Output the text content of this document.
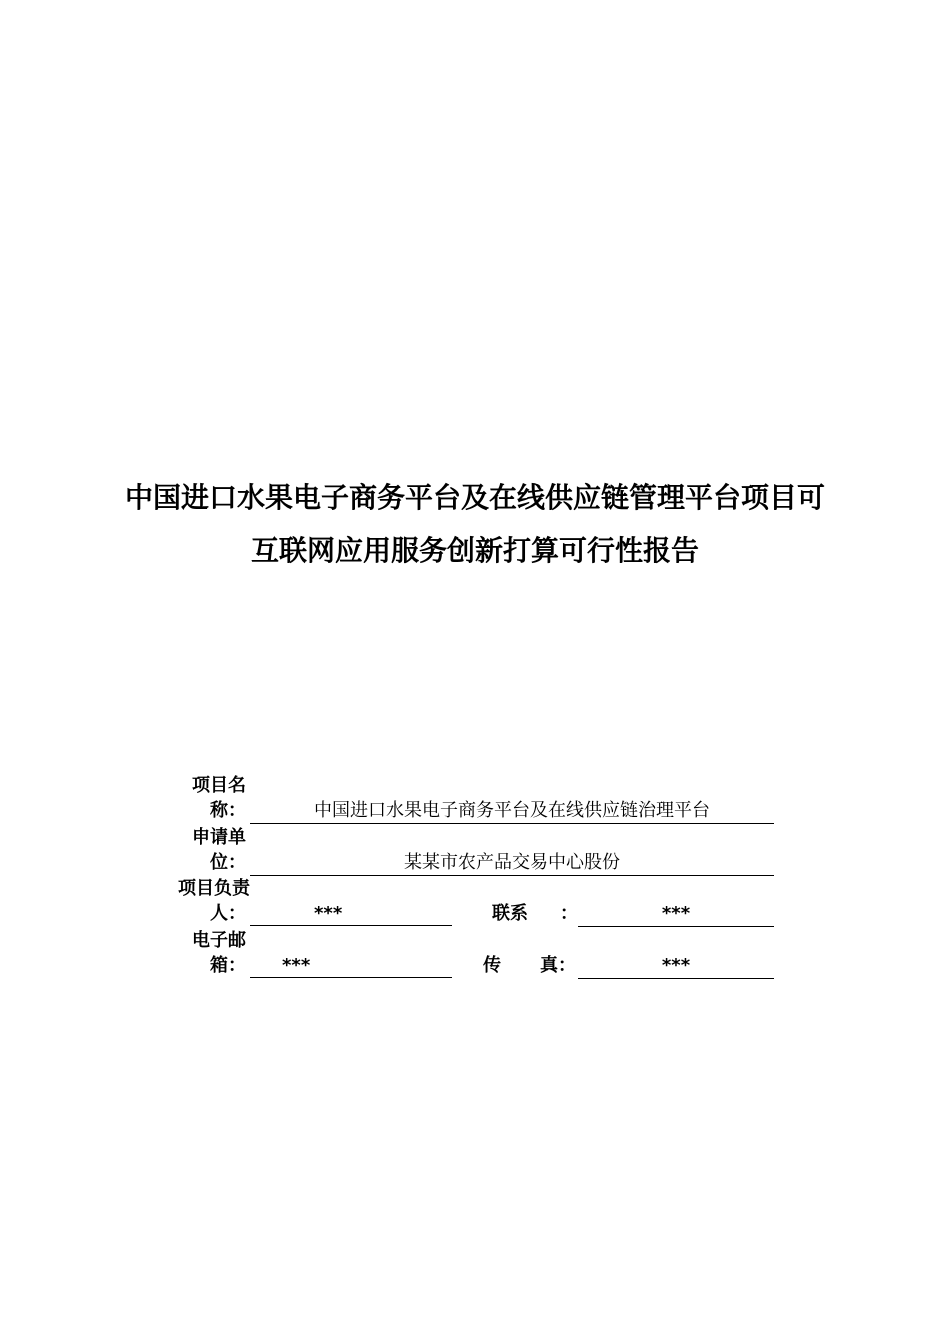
中国进口水果电子商务平台及在线供应链管理平台项目可
互联网应用服务创新打算可行性报告
项目名
称：	中国进口水果电子商务平台及在线供应链治理平台
申请单
位：	某某市农产品交易中心股份
项目负责
人：	***	联系 ：	***
电子邮
箱：	***	传 真：	***
